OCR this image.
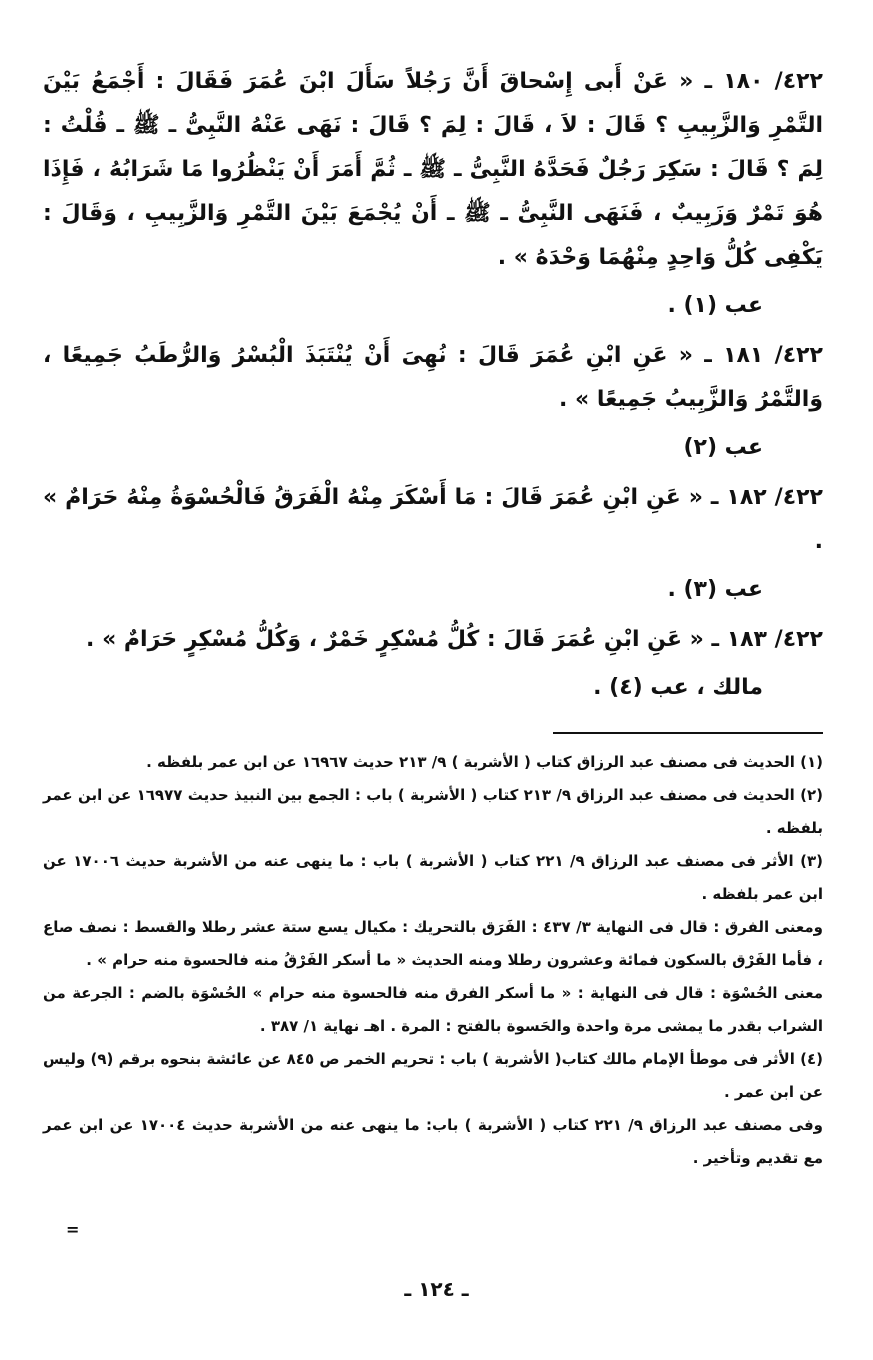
٤٢٢/ ١٨٠ ـ « عَنْ أَبى إِسْحاقَ أَنَّ رَجُلاً سَأَلَ ابْنَ عُمَرَ فَقَالَ : أَجْمَعُ بَيْنَ التَّمْرِ وَالزَّبِيبِ ؟ قَالَ : لاَ ، قَالَ : لِمَ ؟ قَالَ : نَهَى عَنْهُ النَّبِىُّ ـ ﷺ ـ قُلْتُ : لِمَ ؟ قَالَ : سَكِرَ رَجُلٌ فَحَدَّهُ النَّبِىُّ ـ ﷺ ـ ثُمَّ أَمَرَ أَنْ يَنْظُرُوا مَا شَرَابُهُ ، فَإِذَا هُوَ تَمْرٌ وَزَبِيبٌ ، فَنَهَى النَّبِىُّ ـ ﷺ ـ أَنْ يُجْمَعَ بَيْنَ التَّمْرِ وَالزَّبِيبِ ، وَقَالَ : يَكْفِى كُلُّ وَاحِدٍ مِنْهُمَا وَحْدَهُ » .

عب (١) .

٤٢٢/ ١٨١ ـ « عَنِ ابْنِ عُمَرَ قَالَ : نُهِىَ أَنْ يُنْتَبَذَ الْبُسْرُ وَالرُّطَبُ جَمِيعًا ، وَالتَّمْرُ وَالزَّبِيبُ جَمِيعًا » .

عب (٢)

٤٢٢/ ١٨٢ ـ « عَنِ ابْنِ عُمَرَ قَالَ : مَا أَسْكَرَ مِنْهُ الْفَرَقُ فَالْحُسْوَةُ مِنْهُ حَرَامٌ » .

عب (٣) .

٤٢٢/ ١٨٣ ـ « عَنِ ابْنِ عُمَرَ قَالَ : كُلُّ مُسْكِرٍ خَمْرٌ ، وَكُلُّ مُسْكِرٍ حَرَامٌ » .

مالك ، عب (٤) .

(١) الحديث فى مصنف عبد الرزاق كتاب ( الأشربة ) ٩/ ٢١٣ حديث ١٦٩٦٧ عن ابن عمر بلفظه .

(٢) الحديث فى مصنف عبد الرزاق ٩/ ٢١٣ كتاب ( الأشربة ) باب : الجمع بين النبيذ حديث ١٦٩٧٧ عن ابن عمر بلفظه .

(٣) الأثر فى مصنف عبد الرزاق ٩/ ٢٢١ كتاب ( الأشربة ) باب : ما ينهى عنه من الأشربة حديث ١٧٠٠٦ عن ابن عمر بلفظه .

ومعنى الفرق : قال فى النهاية ٣/ ٤٣٧ : الفَرَق بالتحريك : مكيال يسع ستة عشر رطلا والقسط : نصف صاع ، فأما الفَرْق بالسكون فمائة وعشرون رطلا ومنه الحديث « ما أسكر الفَرْقُ منه فالحسوة منه حرام » .

معنى الحُسْوَة : قال فى النهاية : « ما أسكر الفرق منه فالحسوة منه حرام » الحُسْوَة بالضم : الجرعة من الشراب بقدر ما يمشى مرة واحدة والحَسوة بالفتح : المرة . اهـ نهاية ١/ ٣٨٧ .

(٤) الأثر فى موطأ الإمام مالك كتاب( الأشربة ) باب : تحريم الخمر ص ٨٤٥ عن عائشة بنحوه برقم (٩) وليس عن ابن عمر .

وفى مصنف عبد الرزاق ٩/ ٢٢١ كتاب ( الأشربة ) باب: ما ينهى عنه من الأشربة حديث ١٧٠٠٤ عن ابن عمر مع تقديم وتأخير .

=
ـ ١٢٤ ـ
